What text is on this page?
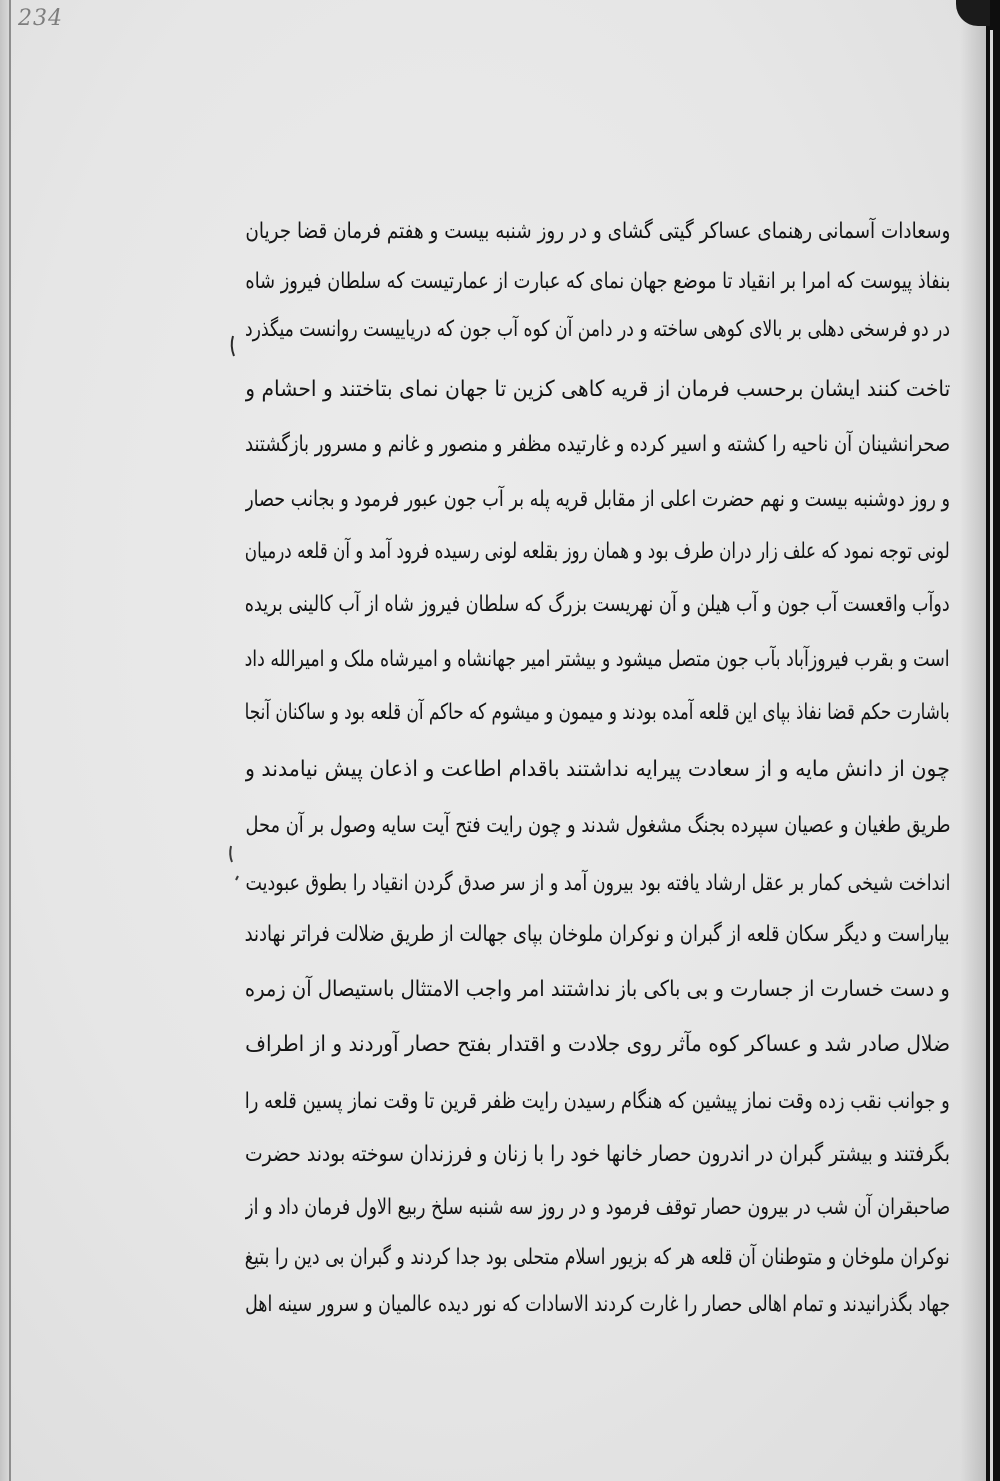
234
وسعادات آسمانی رهنمای عساکر گیتی گشای و در روز شنبه بیست و هفتم فرمان قضا جریان
بنفاذ پیوست که امرا بر انقیاد تا موضع جهان نمای که عبارت از عمارتیست که سلطان فیروز شاه
در دو فرسخی دهلی بر بالای کوهی ساخته و در دامن آن کوه آب جون که دریاییست روانست میگذرد
تاخت کنند ایشان برحسب فرمان از قریه کاهی کزین تا جهان نمای بتاختند و احشام و
صحرانشینان آن ناحیه را کشته و اسیر کرده و غارتیده مظفر و منصور و غانم و مسرور بازگشتند
و روز دوشنبه بیست و نهم حضرت اعلی از مقابل قریه پله بر آب جون عبور فرمود و بجانب حصار
لونی توجه نمود که علف زار دران طرف بود و همان روز بقلعه لونی رسیده فرود آمد و آن قلعه درمیان
دوآب واقعست آب جون و آب هیلن و آن نهریست بزرگ که سلطان فیروز شاه از آب کالینی بریده
است و بقرب فیروزآباد بآب جون متصل میشود و بیشتر امیر جهانشاه و امیرشاه ملک و امیرالله داد
باشارت حکم قضا نفاذ بپای این قلعه آمده بودند و میمون و میشوم که حاکم آن قلعه بود و ساکنان آنجا
چون از دانش مایه و از سعادت پیرایه نداشتند باقدام اطاعت و اذعان پیش نیامدند و
طریق طغیان و عصیان سپرده بجنگ مشغول شدند و چون رایت فتح آیت سایه وصول بر آن محل
انداخت شیخی کمار بر عقل ارشاد یافته بود بیرون آمد و از سر صدق گردن انقیاد را بطوق عبودیت
بیاراست و دیگر سکان قلعه از گبران و نوکران ملوخان بپای جهالت از طریق ضلالت فراتر نهادند
و دست خسارت از جسارت و بی باکی باز نداشتند امر واجب الامتثال باستیصال آن زمره
ضلال صادر شد و عساکر کوه مآثر روی جلادت و اقتدار بفتح حصار آوردند و از اطراف
و جوانب نقب زده وقت نماز پیشین که هنگام رسیدن رایت ظفر قرین تا وقت نماز پسین قلعه را
بگرفتند و بیشتر گبران در اندرون حصار خانها خود را با زنان و فرزندان سوخته بودند حضرت
صاحبقران آن شب در بیرون حصار توقف فرمود و در روز سه شنبه سلخ ربیع الاول فرمان داد و از
نوکران ملوخان و متوطنان آن قلعه هر که بزیور اسلام متحلی بود جدا کردند و گبران بی دین را بتیغ
جهاد بگذرانیدند و تمام اهالی حصار را غارت کردند الاسادات که نور دیده عالمیان و سرور سینه اهل
